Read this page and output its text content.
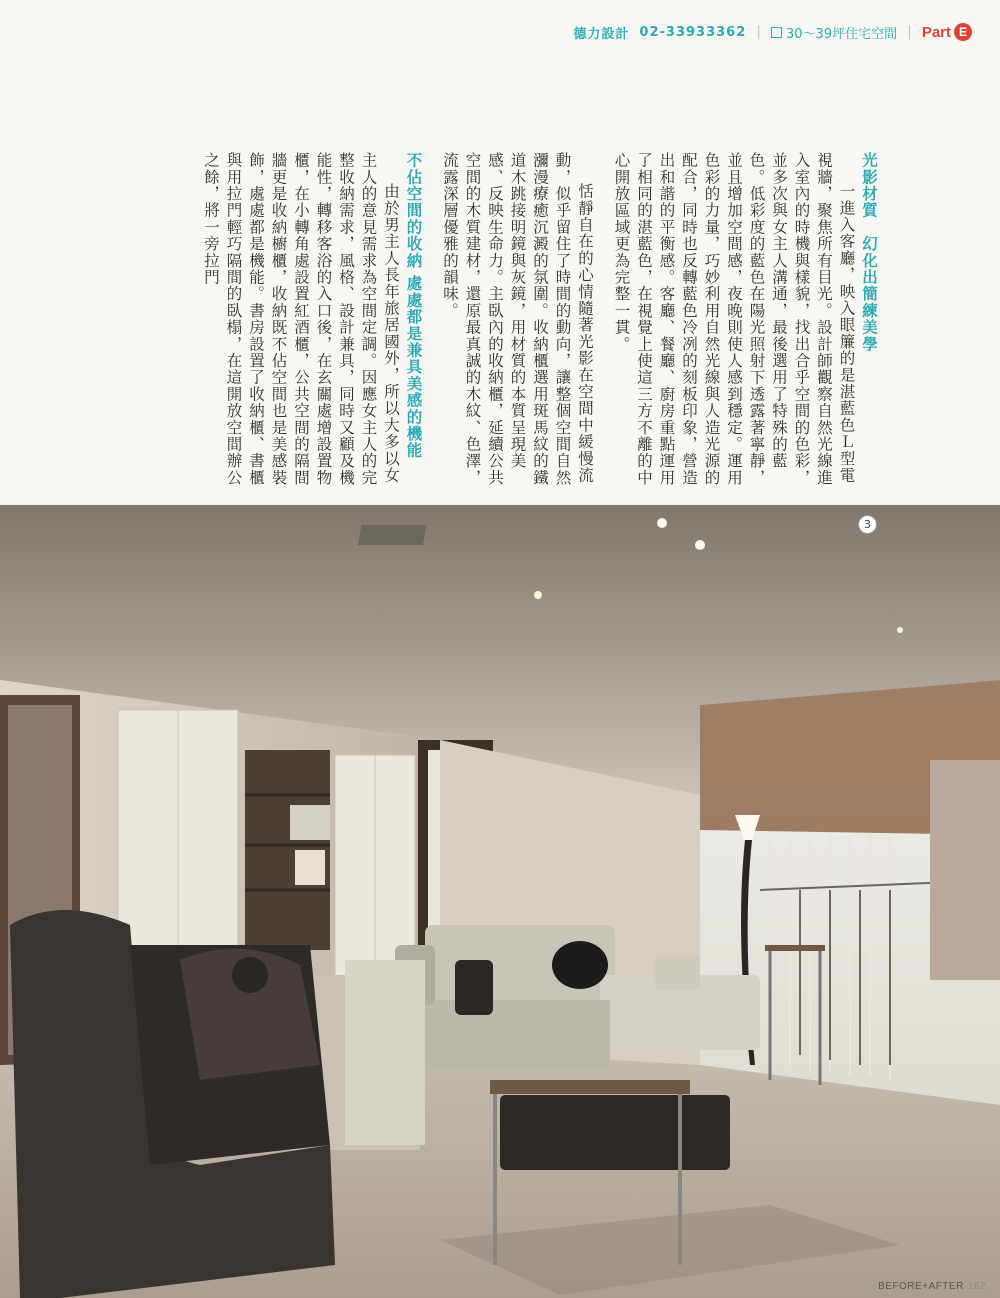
德力設計 02-33933362 | 30～39坪住宅空間 | Part E
光影材質　幻化出簡練美學

一進入客廳，映入眼簾的是湛藍色Ｌ型電視牆，聚焦所有目光。設計師觀察自然光線進入室內的時機與樣貌，找出合乎空間的色彩，並多次與女主人溝通，最後選用了特殊的藍色。低彩度的藍色在陽光照射下透露著寧靜，並且增加空間感，夜晚則使人感到穩定。運用色彩的力量，巧妙利用自然光線與人造光源的配合，同時也反轉藍色冷冽的刻板印象，營造出和諧的平衡感。客廳、餐廳、廚房重點運用了相同的湛藍色，在視覺上使這三方不離的中心開放區域更為完整一貫。

恬靜自在的心情隨著光影在空間中緩慢流動，似乎留住了時間的動向，讓整個空間自然瀰漫療癒沉澱的氛圍。收納櫃選用斑馬紋的鐵道木跳接明鏡與灰鏡，用材質的本質呈現美感、反映生命力。主臥內的收納櫃，延續公共空間的木質建材，還原最真誠的木紋、色澤，流露深層優雅的韻味。

不佔空間的收納 處處都是兼具美感的機能

由於男主人長年旅居國外，所以大多以女主人的意見需求為空間定調。因應女主人的完整收納需求，風格、設計兼具，同時又顧及機能性，轉移客浴的入口後，在玄關處增設置物櫃，在小轉角處設置紅酒櫃，公共空間的隔間牆更是收納櫥櫃，收納既不佔空間也是美感裝飾，處處都是機能。書房設置了收納櫃、書櫃與用拉門輕巧隔間的臥榻，在這開放空間辦公之餘，將一旁拉門

3
BEFORE+AFTER 162
